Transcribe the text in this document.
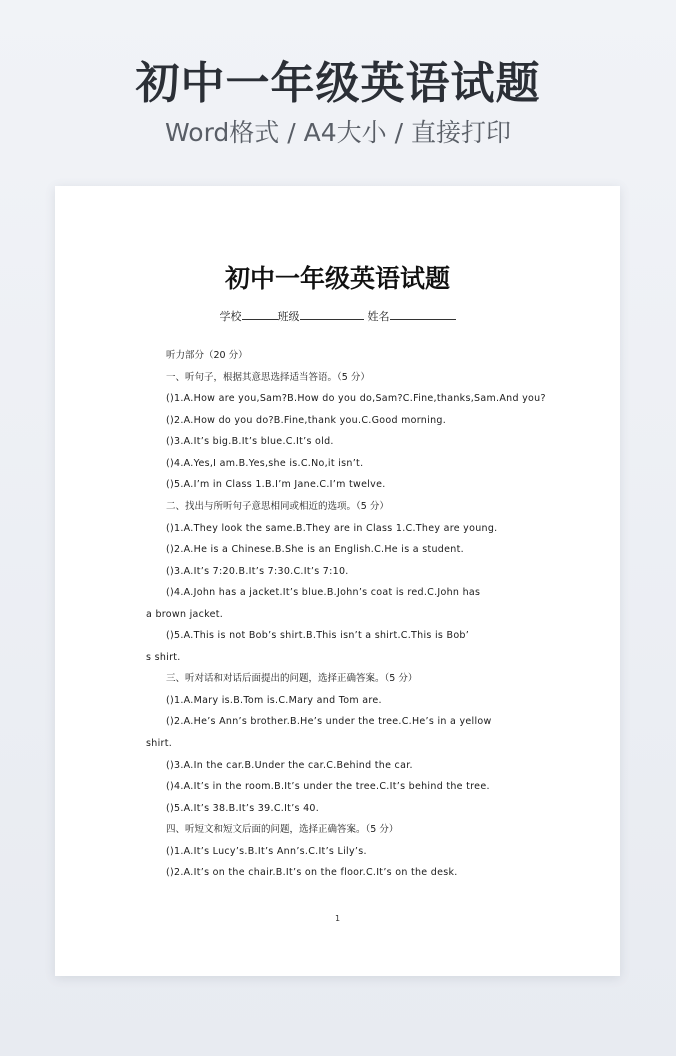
初中一年级英语试题
Word格式 / A4大小 / 直接打印
初中一年级英语试题
学校	班级	姓名
听力部分（20 分）
一、听句子，根据其意思选择适当答语。（5 分）
()1.A.How are you,Sam?B.How do you do,Sam?C.Fine,thanks,Sam.And you?
()2.A.How do you do?B.Fine,thank you.C.Good morning.
()3.A.It’s big.B.It’s blue.C.It’s old.
()4.A.Yes,I am.B.Yes,she is.C.No,it isn’t.
()5.A.I’m in Class 1.B.I’m Jane.C.I’m twelve.
二、找出与所听句子意思相同或相近的选项。（5 分）
()1.A.They look the same.B.They are in Class 1.C.They are young.
()2.A.He is a Chinese.B.She is an English.C.He is a student.
()3.A.It’s 7:20.B.It’s 7:30.C.It’s 7:10.
()4.A.John has a jacket.It’s blue.B.John’s coat is red.C.John has
a brown jacket.
()5.A.This is not Bob’s shirt.B.This isn’t a shirt.C.This is Bob’
s shirt.
三、听对话和对话后面提出的问题，选择正确答案。（5 分）
()1.A.Mary is.B.Tom is.C.Mary and Tom are.
()2.A.He’s Ann’s brother.B.He’s under the tree.C.He’s in a yellow
shirt.
()3.A.In the car.B.Under the car.C.Behind the car.
()4.A.It’s in the room.B.It’s under the tree.C.It’s behind the tree.
()5.A.It’s 38.B.It’s 39.C.It’s 40.
四、听短文和短文后面的问题，选择正确答案。（5 分）
()1.A.It’s Lucy’s.B.It’s Ann’s.C.It’s Lily’s.
()2.A.It’s on the chair.B.It’s on the floor.C.It’s on the desk.
1
